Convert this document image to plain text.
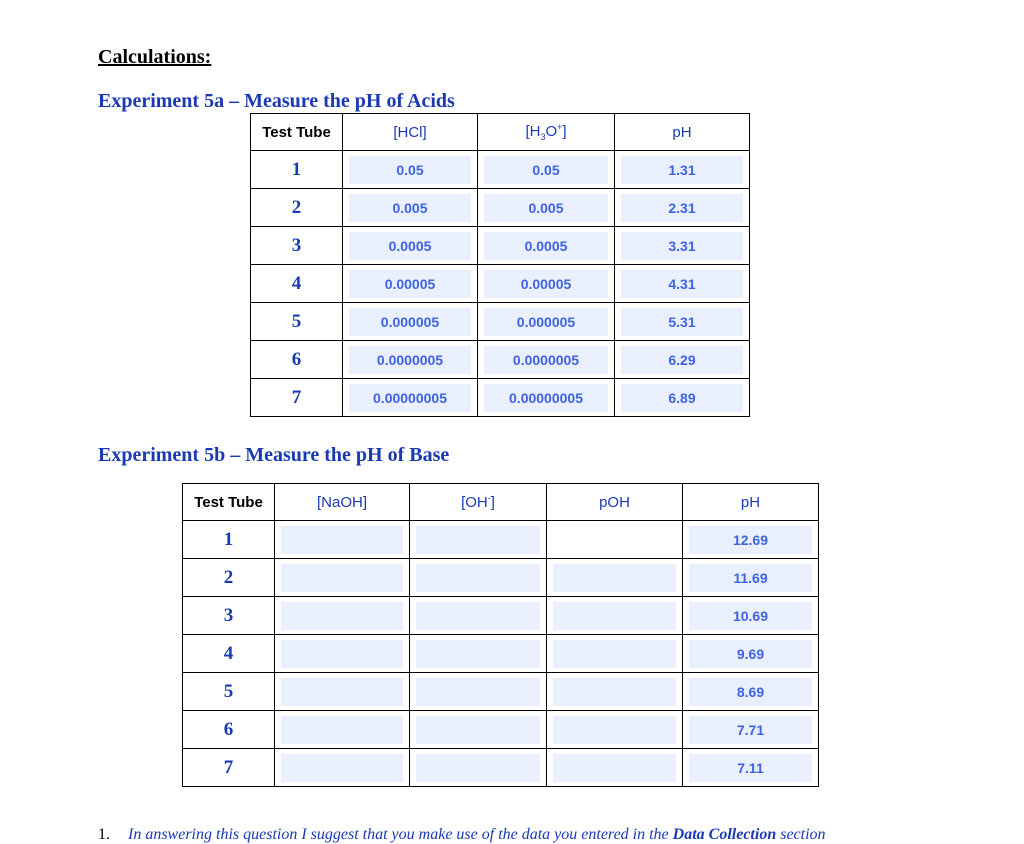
Calculations:
Experiment 5a – Measure the pH of Acids
Test Tube	[HCl]	$[H_3O^+]$	pH
1	0.05	0.05	1.31

2	0.005	0.005	2.31

3	0.0005	0.0005	3.31

4	0.00005	0.00005	4.31

5	0.000005	0.000005	5.31

6	0.0000005	0.0000005	6.29

7	0.00000005	0.00000005	6.89
Experiment 5b – Measure the pH of Base
Test Tube	[NaOH]	[OH-]	pOH	pH
1				12.69

2				11.69

3				10.69

4				9.69

5				8.69

6				7.71

7				7.11
1. In answering this question I suggest that you make use of the data you entered in the Data Collection section
